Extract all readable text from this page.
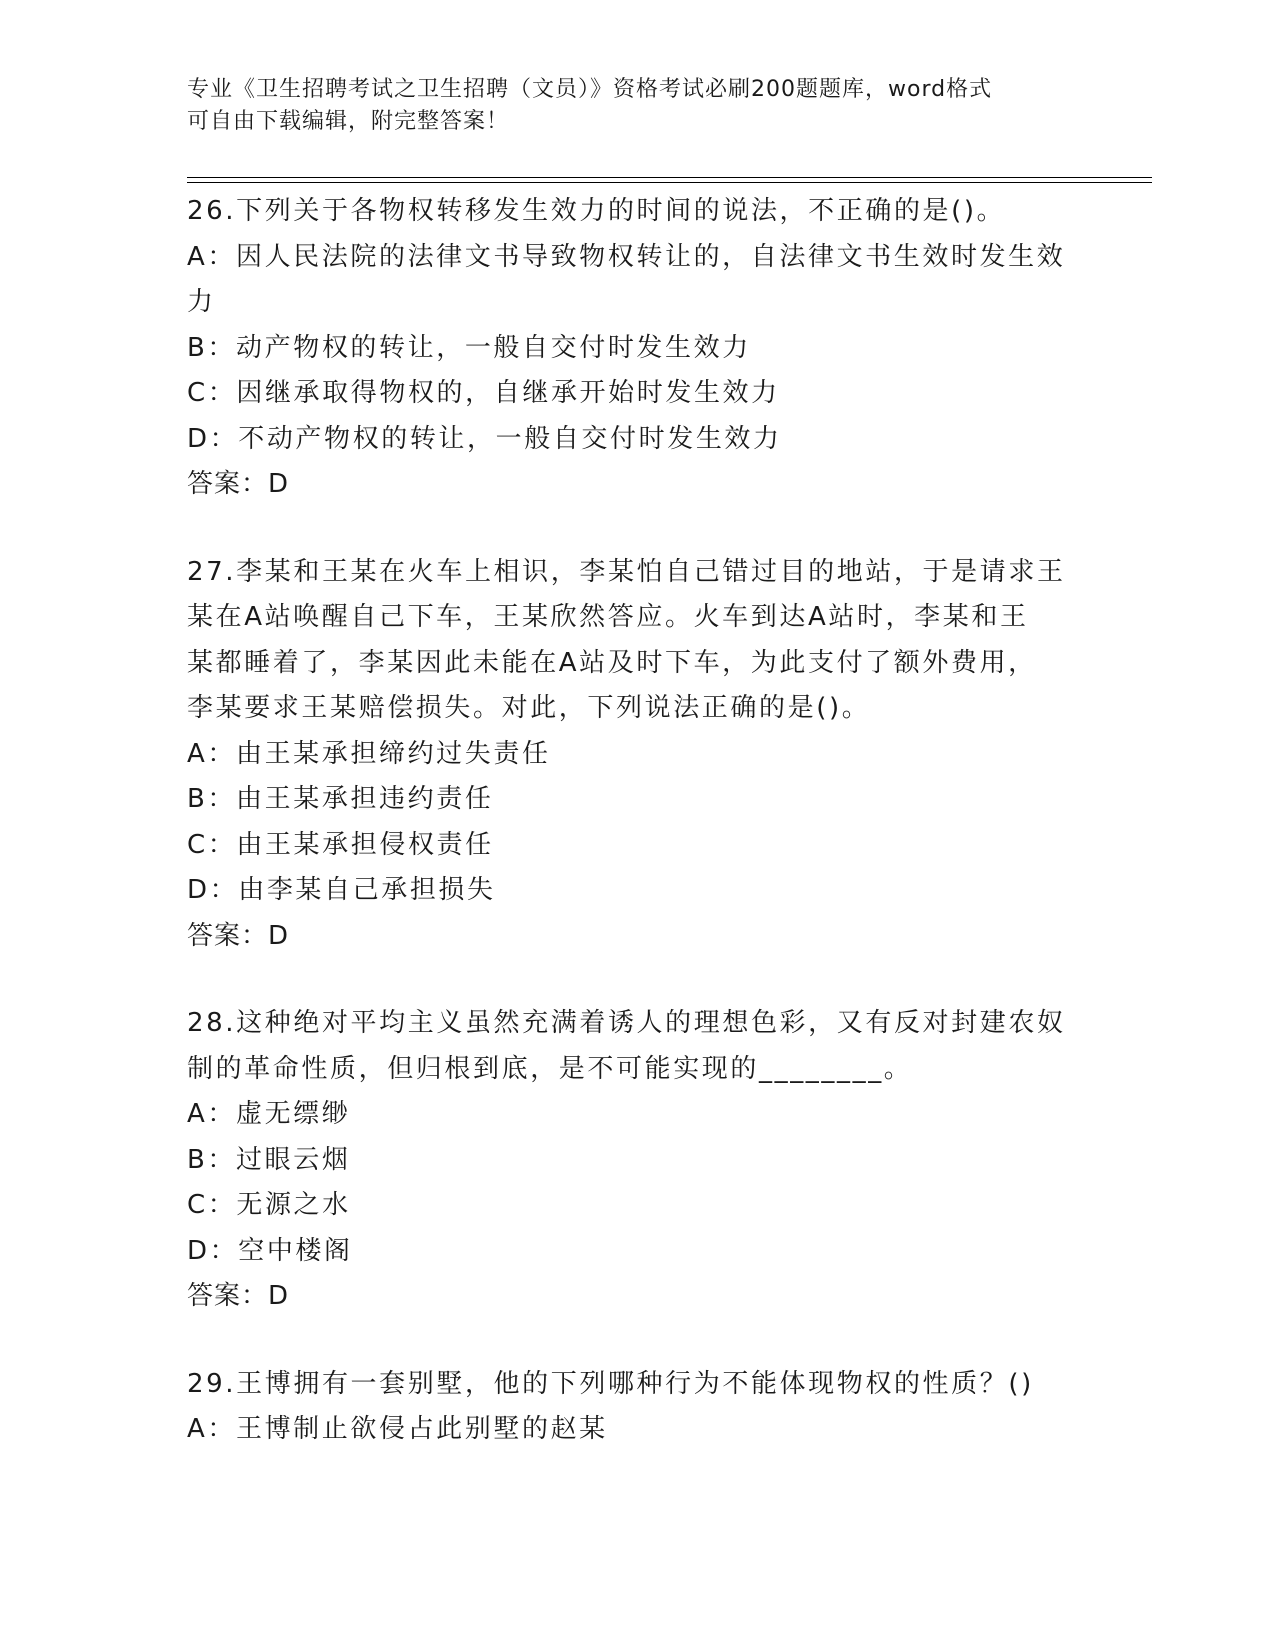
专业《卫生招聘考试之卫生招聘（文员）》资格考试必刷200题题库，word格式
可自由下载编辑，附完整答案！
26.下列关于各物权转移发生效力的时间的说法，不正确的是()。
A：因人民法院的法律文书导致物权转让的，自法律文书生效时发生效
力
B：动产物权的转让，一般自交付时发生效力
C：因继承取得物权的，自继承开始时发生效力
D：不动产物权的转让，一般自交付时发生效力
答案：D
27.李某和王某在火车上相识，李某怕自己错过目的地站，于是请求王
某在A站唤醒自己下车，王某欣然答应。火车到达A站时，李某和王
某都睡着了，李某因此未能在A站及时下车，为此支付了额外费用，
李某要求王某赔偿损失。对此，下列说法正确的是()。
A：由王某承担缔约过失责任
B：由王某承担违约责任
C：由王某承担侵权责任
D：由李某自己承担损失
答案：D
28.这种绝对平均主义虽然充满着诱人的理想色彩，又有反对封建农奴
制的革命性质，但归根到底，是不可能实现的________。
A：虚无缥缈
B：过眼云烟
C：无源之水
D：空中楼阁
答案：D
29.王博拥有一套别墅，他的下列哪种行为不能体现物权的性质？()
A：王博制止欲侵占此别墅的赵某
